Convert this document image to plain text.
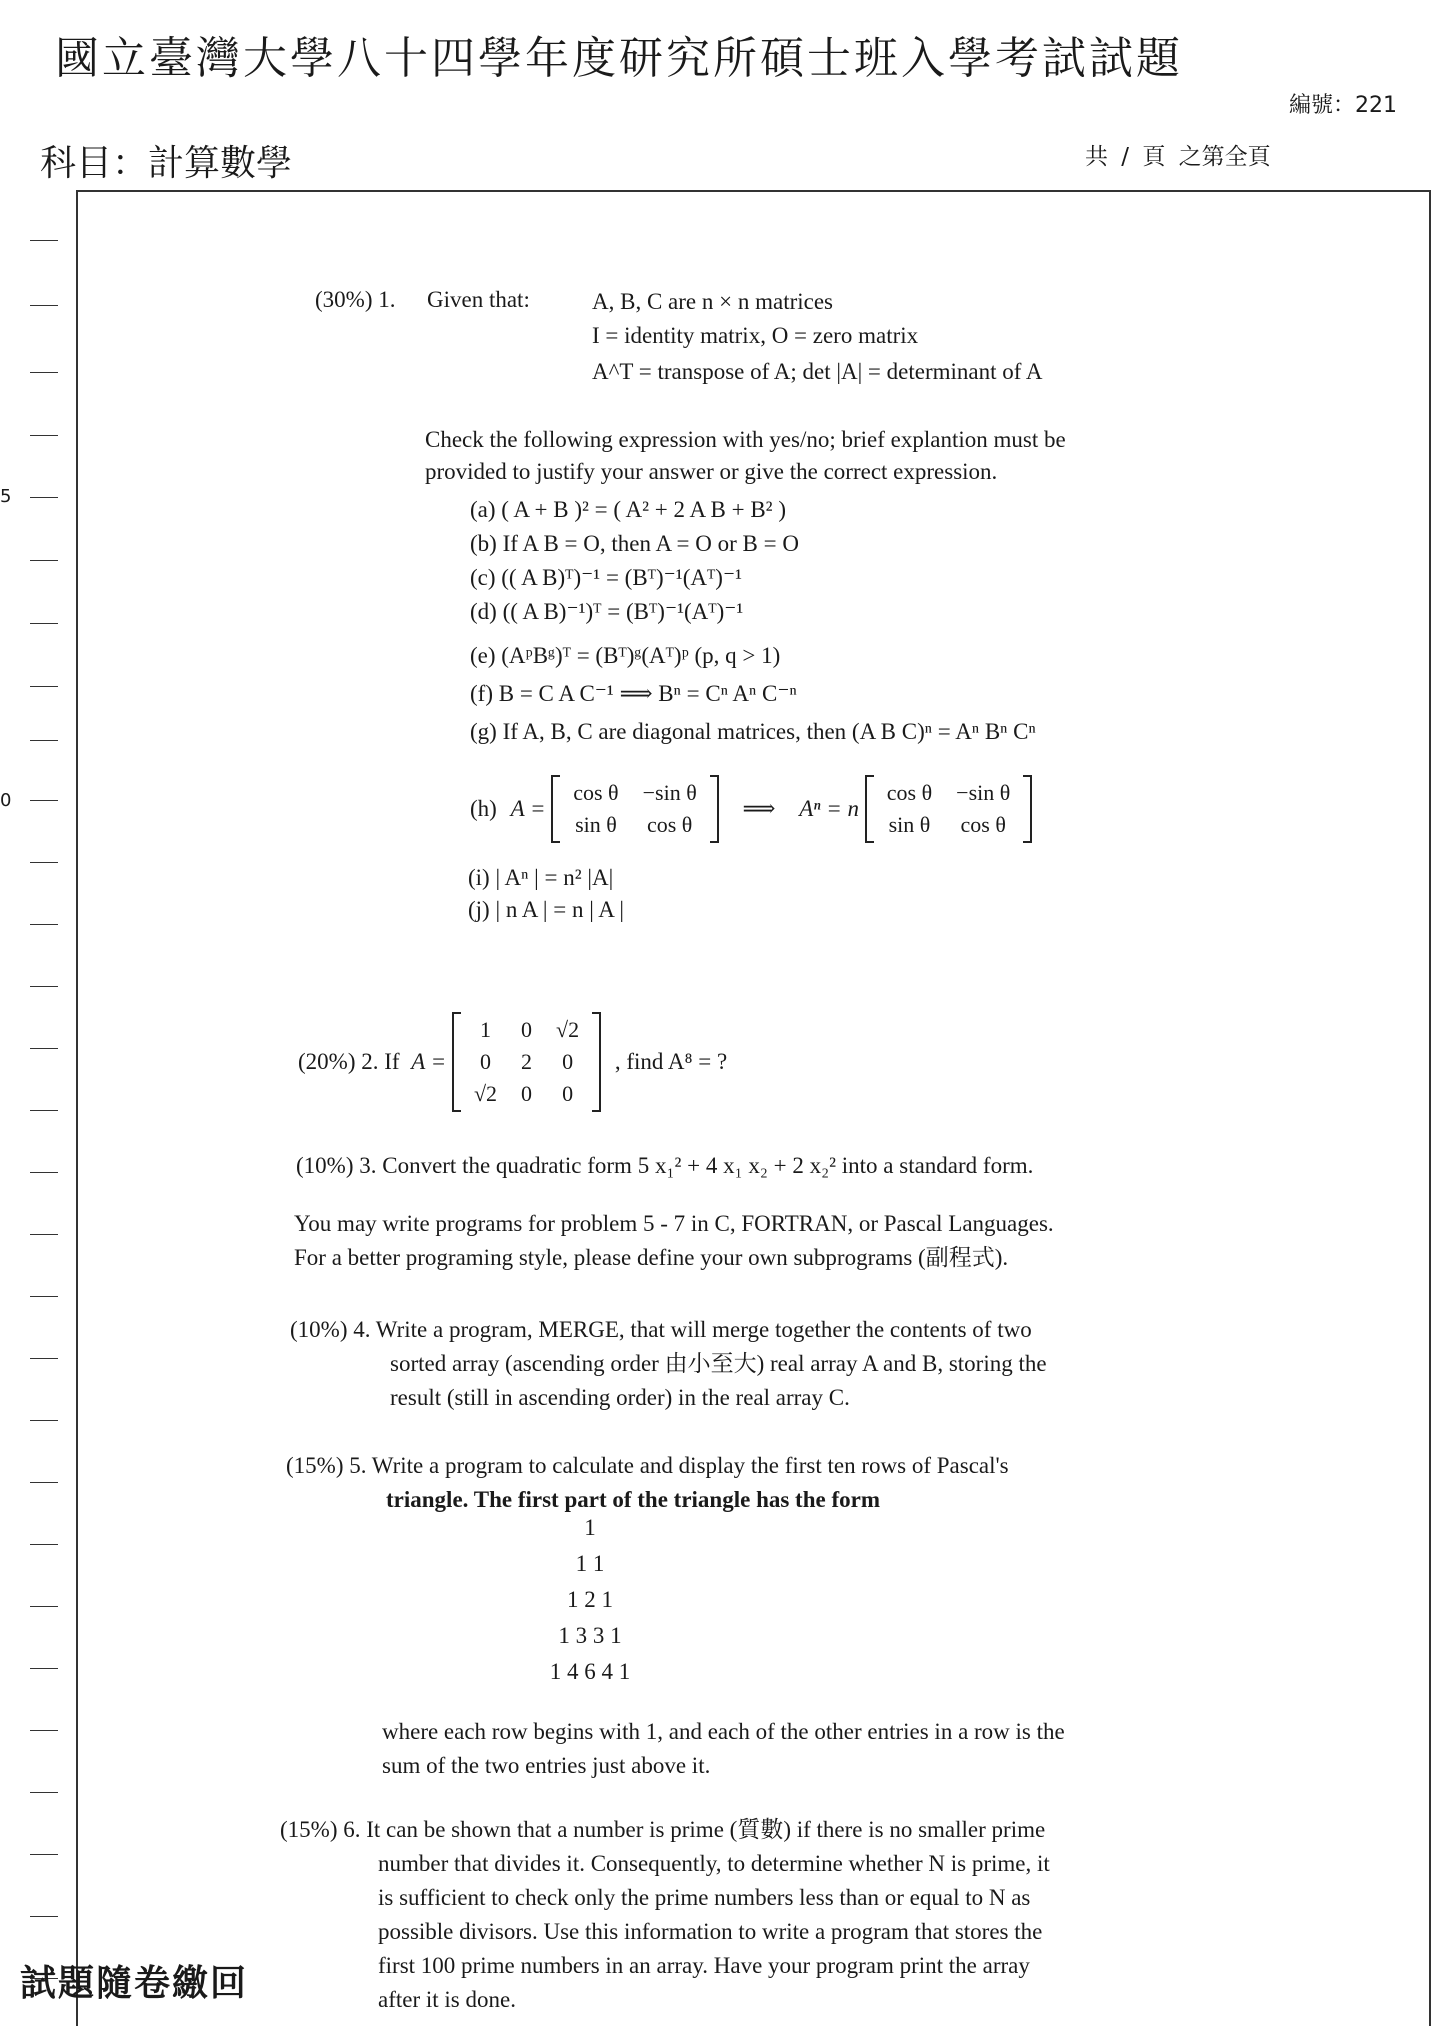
國立臺灣大學八十四學年度研究所碩士班入學考試試題
編號：221
科目：計算數學	共 / 頁 之第全頁
5
0
(30%) 1. Given that:	A, B, C are n × n matrices
I = identity matrix, O = zero matrix
A^T = transpose of A; det |A| = determinant of A
Check the following expression with yes/no; brief explantion must be
provided to justify your answer or give the correct expression.
(a) ( A + B )² = ( A² + 2 A B + B² )
(b) If A B = O, then A = O or B = O
(c) (( A B)ᵀ)⁻¹ = (Bᵀ)⁻¹(Aᵀ)⁻¹
(d) (( A B)⁻¹)ᵀ = (Bᵀ)⁻¹(Aᵀ)⁻¹
(e) (AᵖBᵍ)ᵀ = (Bᵀ)ᵍ(Aᵀ)ᵖ (p, q > 1)
(f) B = C A C⁻¹ ⟹ Bⁿ = Cⁿ Aⁿ C⁻ⁿ
(g) If A, B, C are diagonal matrices, then (A B C)ⁿ = Aⁿ Bⁿ Cⁿ
(h) A =
cos θ	−sin θ
sin θ	cos θ
⟹ Aⁿ = n
cos θ	−sin θ
sin θ	cos θ
(i) | Aⁿ | = n² |A|
(j) | n A | = n | A |
(20%) 2. If A =
1	0	√2
0	2	0
√2	0	0
, find A⁸ = ?
(10%) 3. Convert the quadratic form 5 x₁² + 4 x₁ x₂ + 2 x₂² into a standard form.
You may write programs for problem 5 - 7 in C, FORTRAN, or Pascal Languages.
For a better programing style, please define your own subprograms (副程式).
(10%) 4. Write a program, MERGE, that will merge together the contents of two
sorted array (ascending order 由小至大) real array A and B, storing the
result (still in ascending order) in the real array C.
(15%) 5. Write a program to calculate and display the first ten rows of Pascal's
triangle. The first part of the triangle has the form
1
1 1
1 2 1
1 3 3 1
1 4 6 4 1
where each row begins with 1, and each of the other entries in a row is the
sum of the two entries just above it.
(15%) 6. It can be shown that a number is prime (質數) if there is no smaller prime
number that divides it. Consequently, to determine whether N is prime, it
is sufficient to check only the prime numbers less than or equal to N as
possible divisors. Use this information to write a program that stores the
first 100 prime numbers in an array. Have your program print the array
after it is done.
試題隨卷繳回
